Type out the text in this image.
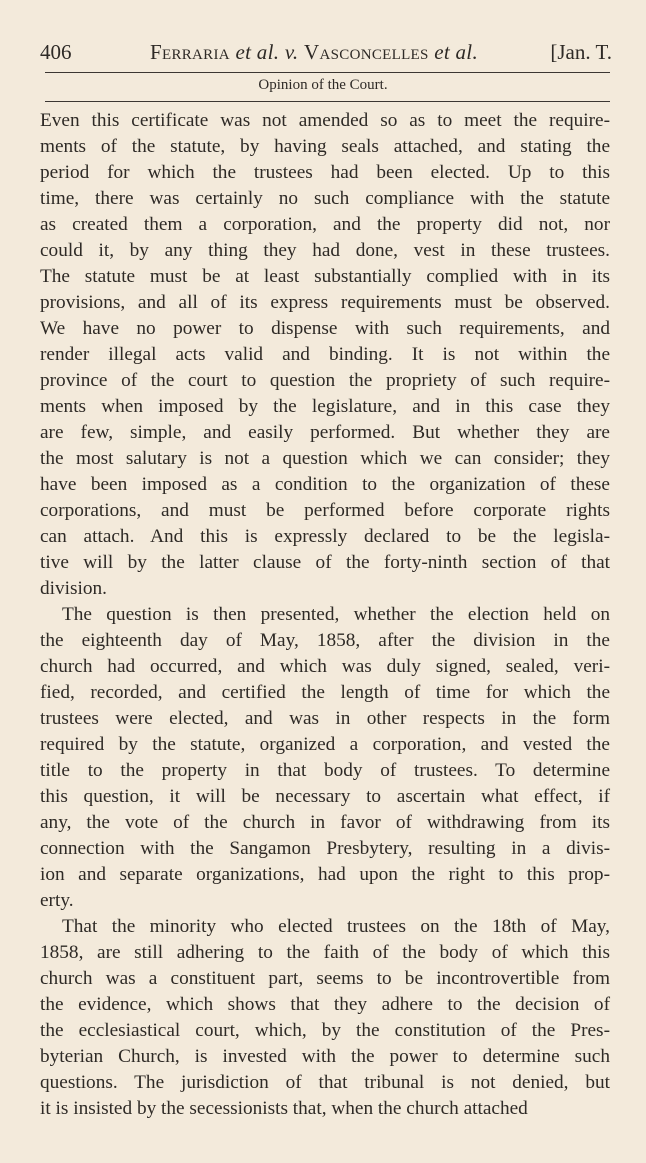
406	Ferraria et al. v. Vasconcelles et al.	[Jan. T.
Opinion of the Court.
Even this certificate was not amended so as to meet the require-
ments of the statute, by having seals attached, and stating the
period for which the trustees had been elected. Up to this
time, there was certainly no such compliance with the statute
as created them a corporation, and the property did not, nor
could it, by any thing they had done, vest in these trustees.
The statute must be at least substantially complied with in its
provisions, and all of its express requirements must be observed.
We have no power to dispense with such requirements, and
render illegal acts valid and binding. It is not within the
province of the court to question the propriety of such require-
ments when imposed by the legislature, and in this case they
are few, simple, and easily performed. But whether they are
the most salutary is not a question which we can consider; they
have been imposed as a condition to the organization of these
corporations, and must be performed before corporate rights
can attach. And this is expressly declared to be the legisla-
tive will by the latter clause of the forty-ninth section of that
division.
The question is then presented, whether the election held on
the eighteenth day of May, 1858, after the division in the
church had occurred, and which was duly signed, sealed, veri-
fied, recorded, and certified the length of time for which the
trustees were elected, and was in other respects in the form
required by the statute, organized a corporation, and vested the
title to the property in that body of trustees. To determine
this question, it will be necessary to ascertain what effect, if
any, the vote of the church in favor of withdrawing from its
connection with the Sangamon Presbytery, resulting in a divis-
ion and separate organizations, had upon the right to this prop-
erty.
That the minority who elected trustees on the 18th of May,
1858, are still adhering to the faith of the body of which this
church was a constituent part, seems to be incontrovertible from
the evidence, which shows that they adhere to the decision of
the ecclesiastical court, which, by the constitution of the Pres-
byterian Church, is invested with the power to determine such
questions. The jurisdiction of that tribunal is not denied, but
it is insisted by the secessionists that, when the church attached
